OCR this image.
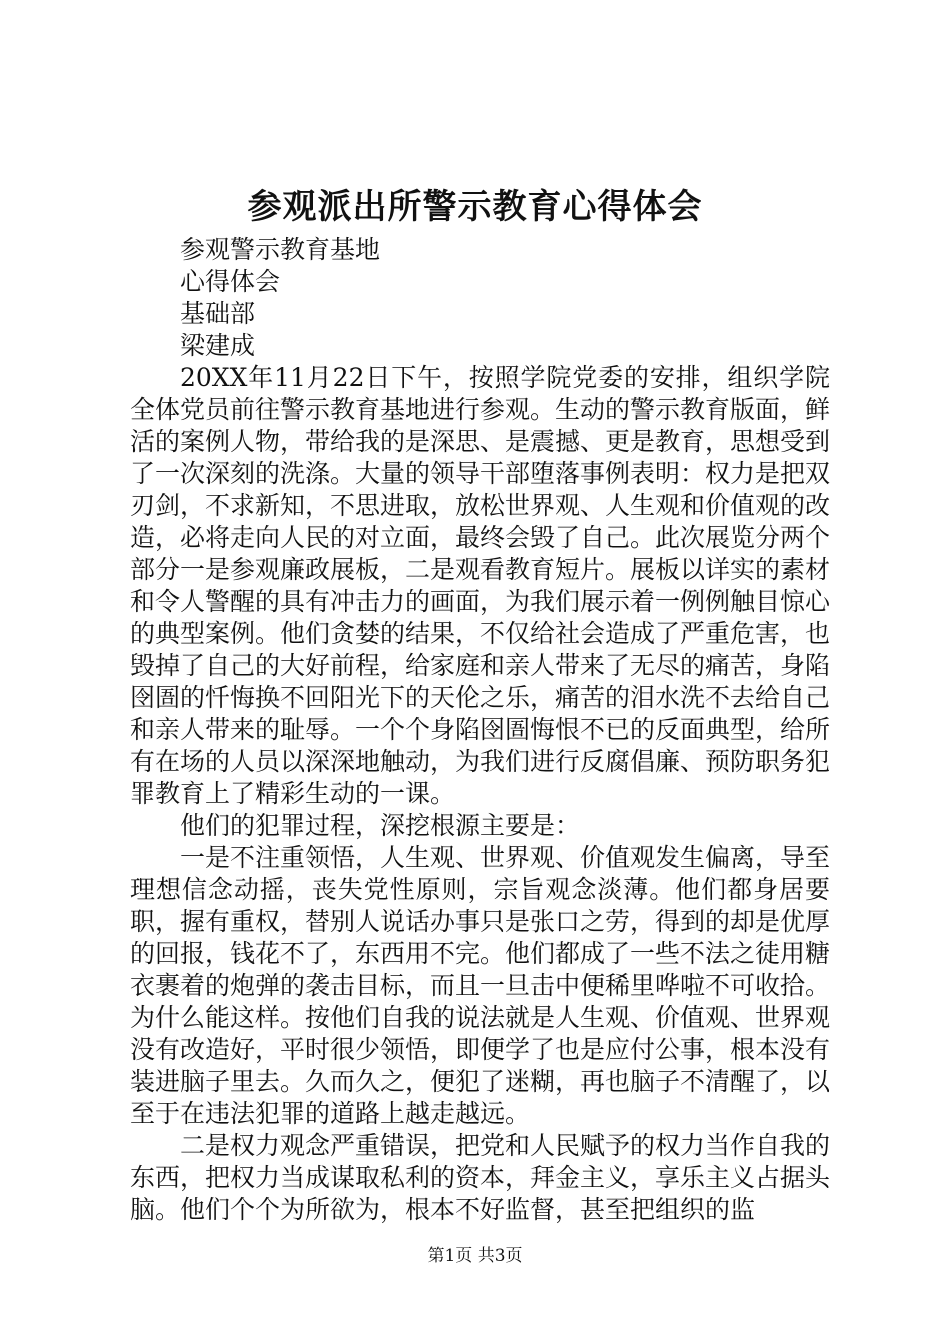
参观派出所警示教育心得体会

参观警示教育基地

心得体会

基础部

梁建成

20XX年11月22日下午，按照学院党委的安排，组织学院全体党员前往警示教育基地进行参观。生动的警示教育版面，鲜活的案例人物，带给我的是深思、是震撼、更是教育，思想受到了一次深刻的洗涤。大量的领导干部堕落事例表明：权力是把双刃剑，不求新知，不思进取，放松世界观、人生观和价值观的改造，必将走向人民的对立面，最终会毁了自己。此次展览分两个部分一是参观廉政展板，二是观看教育短片。展板以详实的素材和令人警醒的具有冲击力的画面，为我们展示着一例例触目惊心的典型案例。他们贪婪的结果，不仅给社会造成了严重危害，也毁掉了自己的大好前程，给家庭和亲人带来了无尽的痛苦，身陷囹圄的忏悔换不回阳光下的天伦之乐，痛苦的泪水洗不去给自己和亲人带来的耻辱。一个个身陷囹圄悔恨不已的反面典型，给所有在场的人员以深深地触动，为我们进行反腐倡廉、预防职务犯罪教育上了精彩生动的一课。

他们的犯罪过程，深挖根源主要是：

一是不注重领悟，人生观、世界观、价值观发生偏离，导至理想信念动摇，丧失党性原则，宗旨观念淡薄。他们都身居要职，握有重权，替别人说话办事只是张口之劳，得到的却是优厚的回报，钱花不了，东西用不完。他们都成了一些不法之徒用糖衣裹着的炮弹的袭击目标，而且一旦击中便稀里哗啦不可收拾。为什么能这样。按他们自我的说法就是人生观、价值观、世界观没有改造好，平时很少领悟，即便学了也是应付公事，根本没有装进脑子里去。久而久之，便犯了迷糊，再也脑子不清醒了，以至于在违法犯罪的道路上越走越远。

二是权力观念严重错误，把党和人民赋予的权力当作自我的东西，把权力当成谋取私利的资本，拜金主义，享乐主义占据头脑。他们个个为所欲为，根本不好监督，甚至把组织的监

第1页 共3页
